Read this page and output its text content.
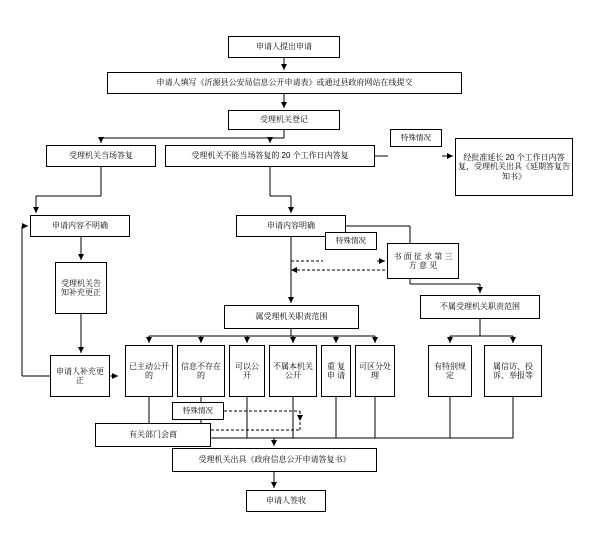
申请人提出申请
申请人填写《沂源县公安局信息公开申请表》或通过县政府网站在线提交
受理机关登记
受理机关当场答复	受理机关不能当场答复的 20 个工作日内答复	经批准延长 20 个工作日内答复，受理机关出具《延期答复告知书》
申请内容不明确	申请内容明确
书 面 征 求 第 三 方 意 见
受理机关告知补充更正
属受理机关职责范围
不属受理机关职责范围
申请人补充更正
已主动公开的
信息不存在的
可以公开
不属本机关公开
重 复 申 请
可区分处理
有特别规定
属信访、投诉、举报等
有关部门会商
受理机关出具《政府信息公开申请答复书》
申请人签收
特殊情况
特殊情况
特殊情况
